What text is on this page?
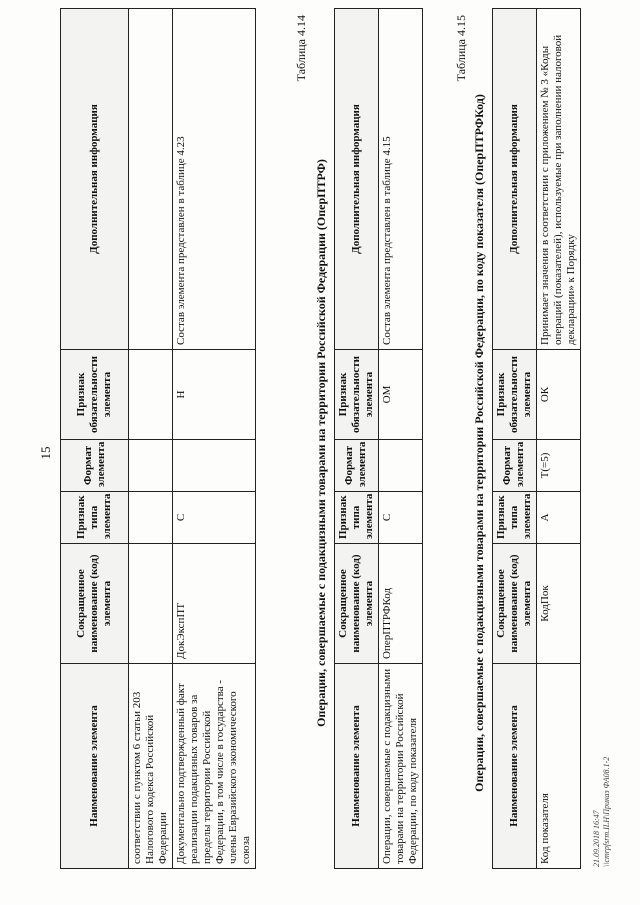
15
Наименование элемента	Сокращенное наименование (код) элемента	Признак типа элемента	Формат элемента	Признак обязательности элемента	Дополнительная информация
соответствии с пунктом 6 статьи 203 Налогового кодекса Российской Федерации					
Документально подтвержденный факт реализации подакцизных товаров за пределы территории Российской Федерации, в том числе в государства - члены Евразийского экономического союза	ДокЭкспПТ	С		Н	Состав элемента представлен в таблице 4.23
Таблица 4.14
Операции, совершаемые с подакцизными товарами на территории Российской Федерации (ОперПТРФ)
Наименование элемента	Сокращенное наименование (код) элемента	Признак типа элемента	Формат элемента	Признак обязательности элемента	Дополнительная информация
Операции, совершаемые с подакцизными товарами на территории Российской Федерации, по коду показателя	ОперПТРФКод	С		ОМ	Состав элемента представлен в таблице 4.15
Таблица 4.15
Операции, совершаемые с подакцизными товарами на территории Российской Федерации, по коду показателя (ОперПТРФКод) Наименование элемента	Сокращенное наименование (код) элемента	Признак типа элемента	Формат элемента	Признак обязательности элемента	Дополнительная информация
Код показателя	КодПок	А	T(=5)	ОК	Принимает значения в соответствии с приложением № 3 «Коды операций (показателей), используемые при заполнении налоговой декларации» к Порядку
21.09.2018 16:47 \\cmrpfsrm.ILH\Приказ ФА08.1-2
